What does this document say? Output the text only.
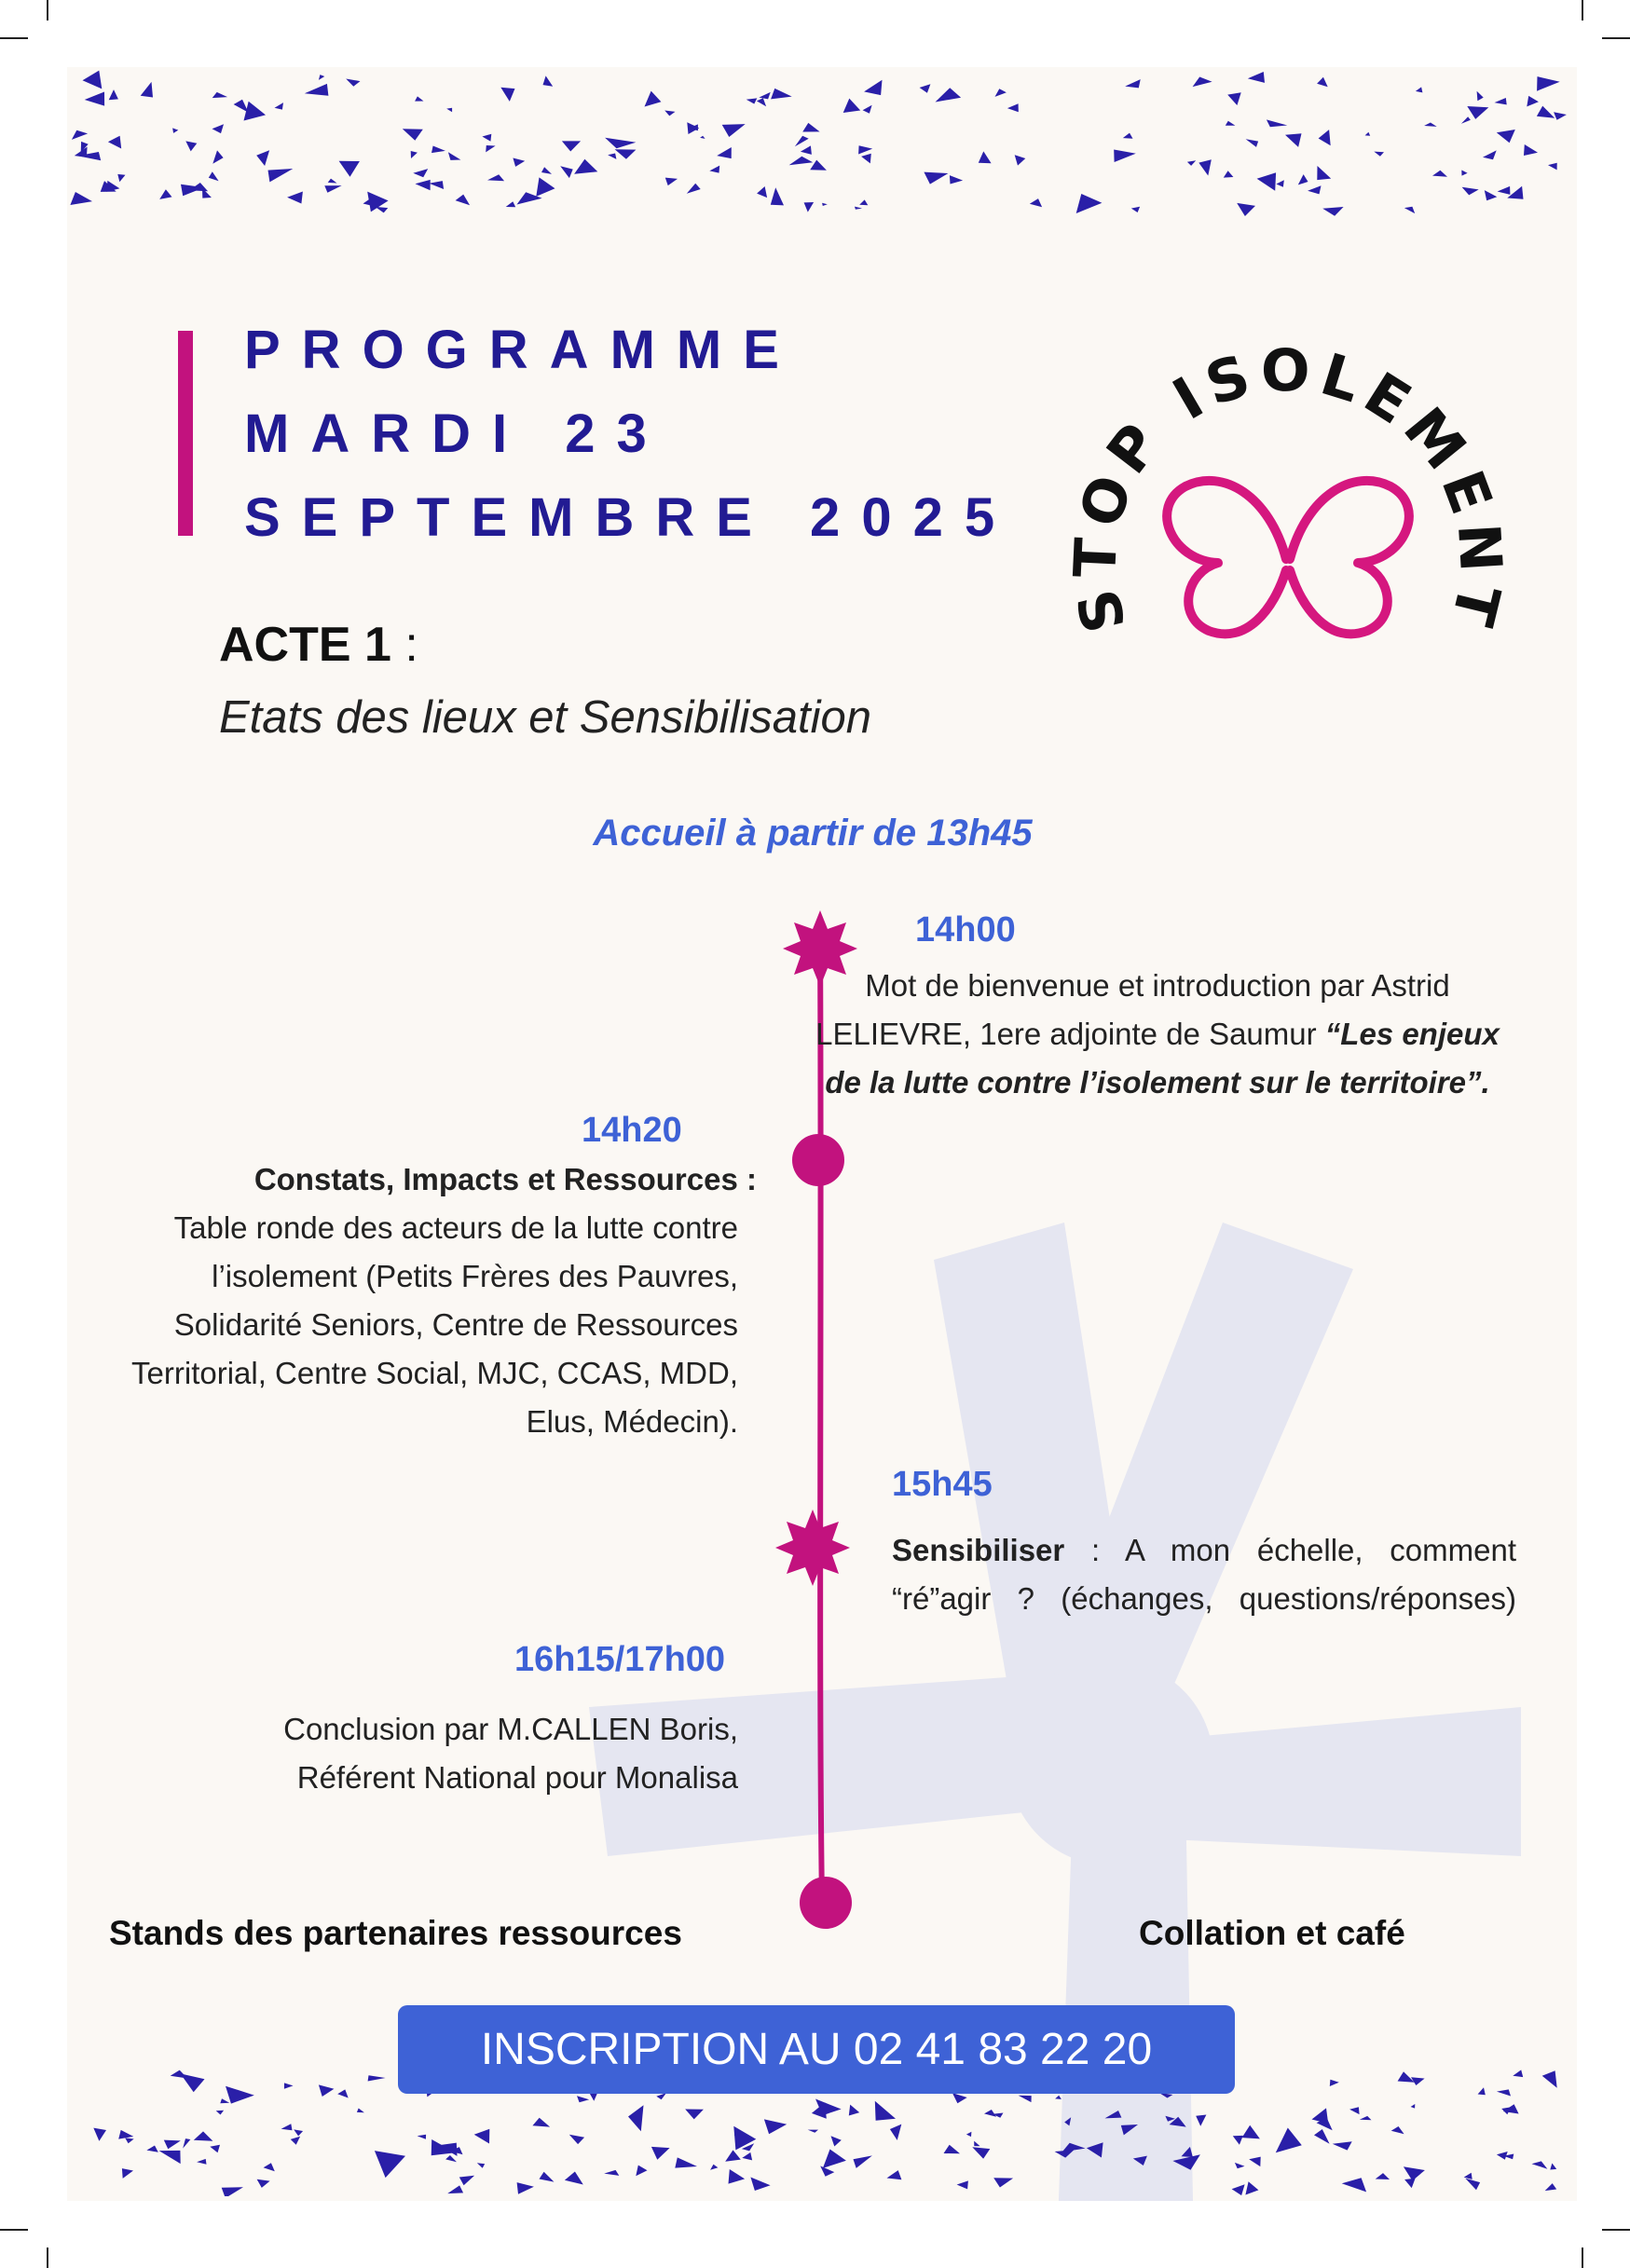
PROGRAMME
MARDI 23
SEPTEMBRE 2025
STOP ISOLEMENT
ACTE 1 :
Etats des lieux et Sensibilisation
Accueil à partir de 13h45
14h00
Mot de bienvenue et introduction par Astrid LELIEVRE, 1ere adjointe de Saumur “Les enjeux de la lutte contre l’isolement sur le territoire”.
14h20
Constats, Impacts et Ressources :
Table ronde des acteurs de la lutte contre l’isolement (Petits Frères des Pauvres, Solidarité Seniors, Centre de Ressources Territorial, Centre Social, MJC, CCAS, MDD, Elus, Médecin).
15h45
Sensibiliser : A mon échelle, comment “ré”agir ? (échanges, questions/réponses)
16h15/17h00
Conclusion par M.CALLEN Boris, Référent National pour Monalisa
Stands des partenaires ressources	Collation et café
INSCRIPTION AU 02 41 83 22 20
